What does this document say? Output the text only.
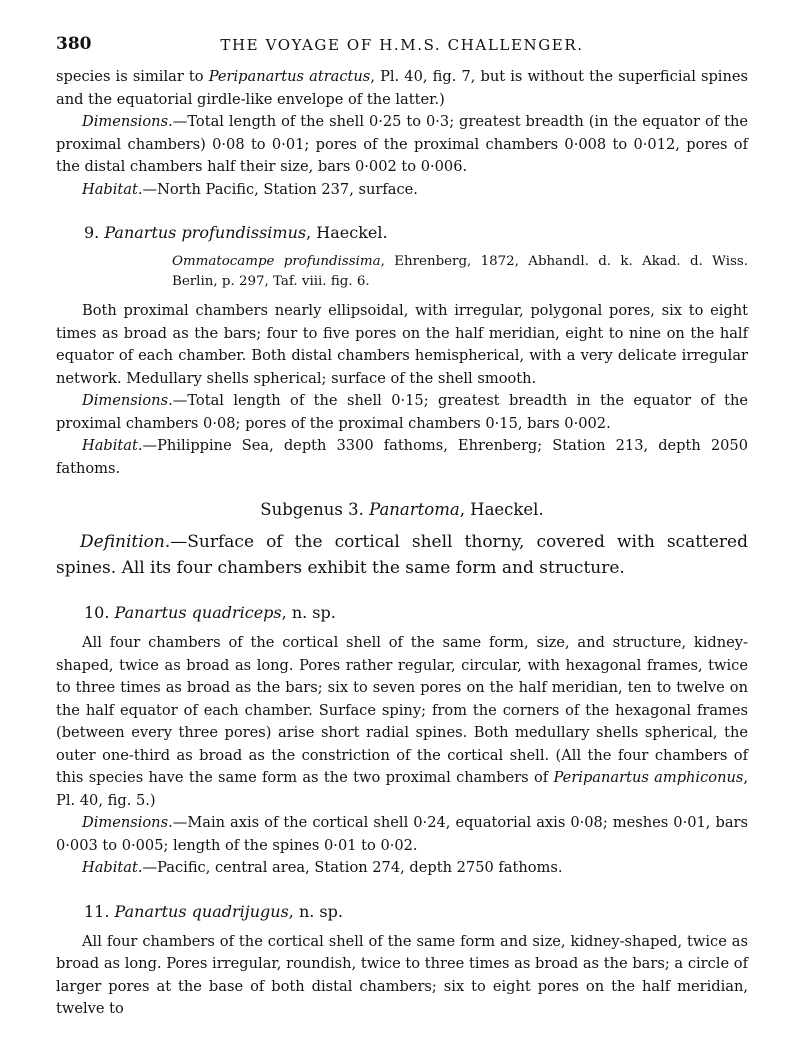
380	THE VOYAGE OF H.M.S. CHALLENGER.

species is similar to Peripanartus atractus, Pl. 40, fig. 7, but is without the superficial spines and the equatorial girdle-like envelope of the latter.)

Dimensions.—Total length of the shell 0·25 to 0·3; greatest breadth (in the equator of the proximal chambers) 0·08 to 0·01; pores of the proximal chambers 0·008 to 0·012, pores of the distal chambers half their size, bars 0·002 to 0·006.

Habitat.—North Pacific, Station 237, surface.

9. Panartus profundissimus, Haeckel.
Ommatocampe profundissima, Ehrenberg, 1872, Abhandl. d. k. Akad. d. Wiss. Berlin, p. 297, Taf. viii. fig. 6.

Both proximal chambers nearly ellipsoidal, with irregular, polygonal pores, six to eight times as broad as the bars; four to five pores on the half meridian, eight to nine on the half equator of each chamber. Both distal chambers hemispherical, with a very delicate irregular network. Medullary shells spherical; surface of the shell smooth.

Dimensions.—Total length of the shell 0·15; greatest breadth in the equator of the proximal chambers 0·08; pores of the proximal chambers 0·15, bars 0·002.

Habitat.—Philippine Sea, depth 3300 fathoms, Ehrenberg; Station 213, depth 2050 fathoms.

Subgenus 3. Panartoma, Haeckel.

Definition.—Surface of the cortical shell thorny, covered with scattered spines. All its four chambers exhibit the same form and structure.

10. Panartus quadriceps, n. sp.

All four chambers of the cortical shell of the same form, size, and structure, kidney-shaped, twice as broad as long. Pores rather regular, circular, with hexagonal frames, twice to three times as broad as the bars; six to seven pores on the half meridian, ten to twelve on the half equator of each chamber. Surface spiny; from the corners of the hexagonal frames (between every three pores) arise short radial spines. Both medullary shells spherical, the outer one-third as broad as the constriction of the cortical shell. (All the four chambers of this species have the same form as the two proximal chambers of Peripanartus amphiconus, Pl. 40, fig. 5.)

Dimensions.—Main axis of the cortical shell 0·24, equatorial axis 0·08; meshes 0·01, bars 0·003 to 0·005; length of the spines 0·01 to 0·02.

Habitat.—Pacific, central area, Station 274, depth 2750 fathoms.

11. Panartus quadrijugus, n. sp.

All four chambers of the cortical shell of the same form and size, kidney-shaped, twice as broad as long. Pores irregular, roundish, twice to three times as broad as the bars; a circle of larger pores at the base of both distal chambers; six to eight pores on the half meridian, twelve to
